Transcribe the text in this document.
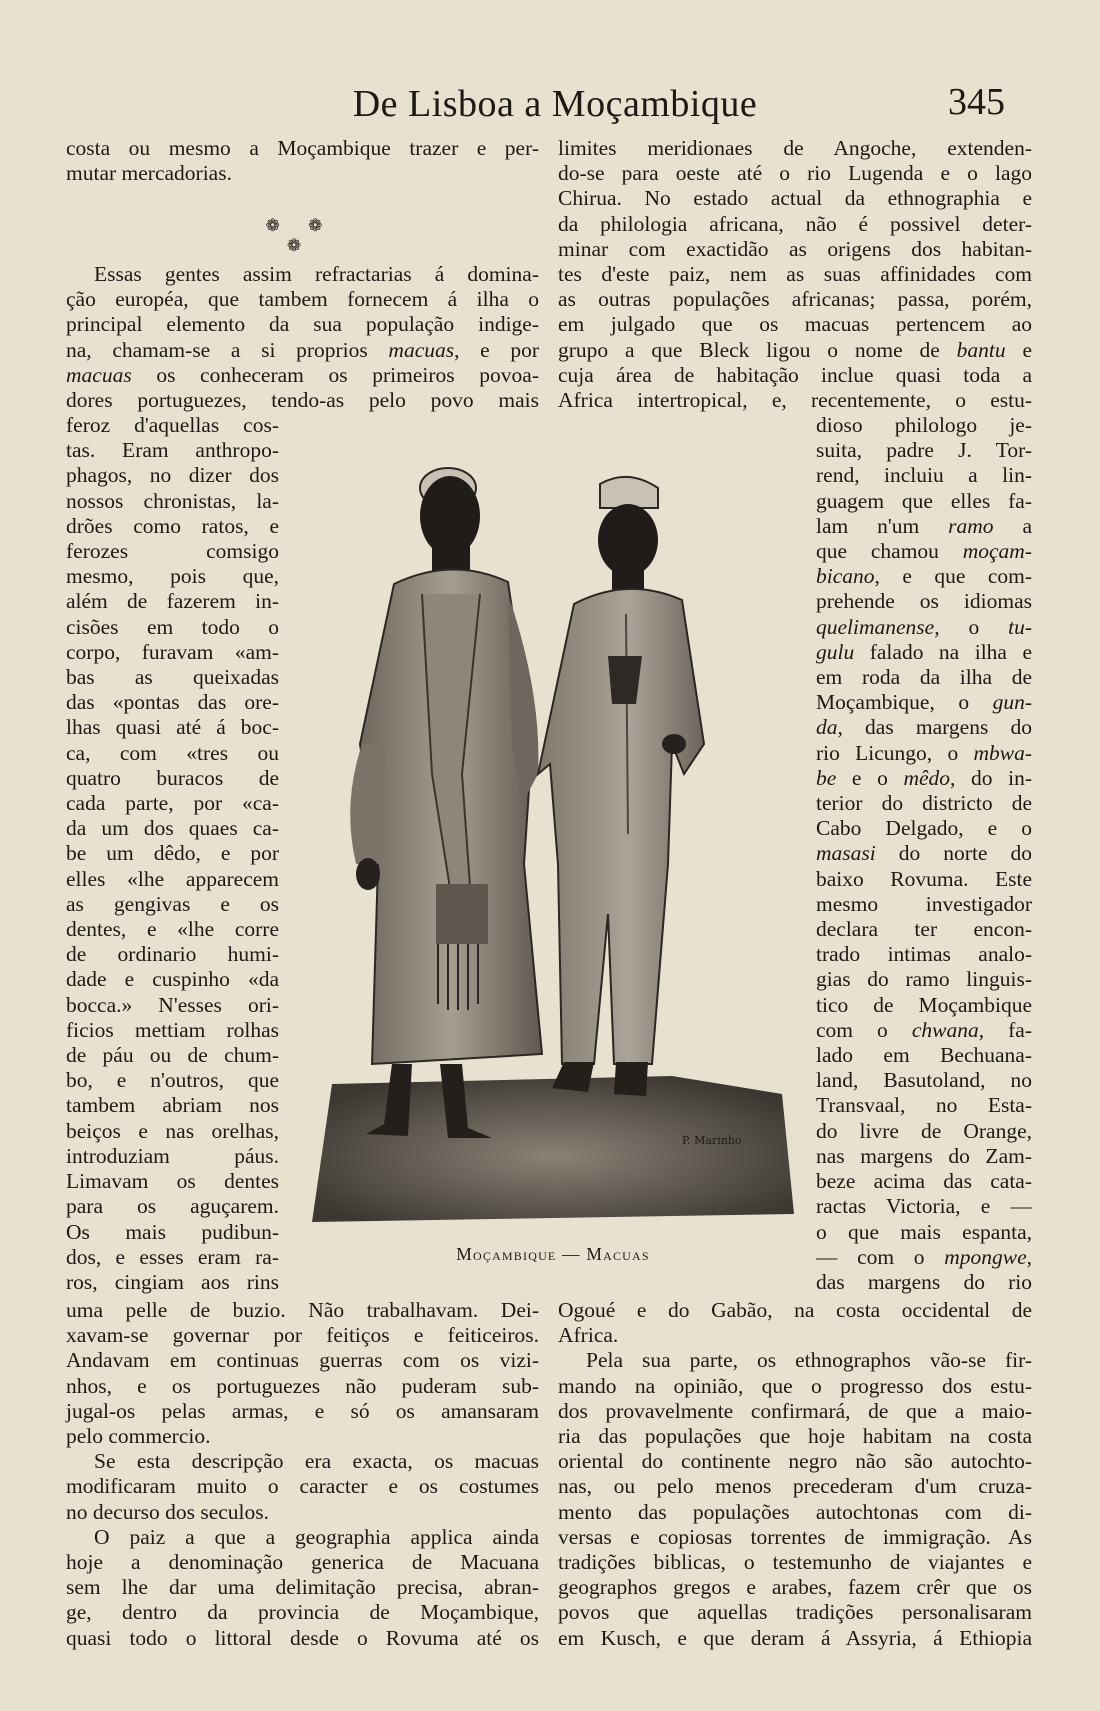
De Lisboa a Moçambique	345

costa ou mesmo a Moçambique trazer e per-

mutar mercadorias.

❁ ❁ ❁

Essas gentes assim refractarias á domina-

ção européa, que tambem fornecem á ilha o

principal elemento da sua população indige-

na, chamam-se a si proprios macuas, e por

macuas os conheceram os primeiros povoa-

dores portuguezes, tendo-as pelo povo mais

feroz d'aquellas cos-

tas. Eram anthropo-

phagos, no dizer dos

nossos chronistas, la-

drões como ratos, e

ferozes comsigo

mesmo, pois que,

além de fazerem in-

cisões em todo o

corpo, furavam «am-

bas as queixadas

das «pontas das ore-

lhas quasi até á boc-

ca, com «tres ou

quatro buracos de

cada parte, por «ca-

da um dos quaes ca-

be um dêdo, e por

elles «lhe apparecem

as gengivas e os

dentes, e «lhe corre

de ordinario humi-

dade e cuspinho «da

bocca.» N'esses ori-

ficios mettiam rolhas

de páu ou de chum-

bo, e n'outros, que

tambem abriam nos

beiços e nas orelhas,

introduziam páus.

Limavam os dentes

para os aguçarem.

Os mais pudibun-

dos, e esses eram ra-

ros, cingiam aos rins

uma pelle de buzio. Não trabalhavam. Dei-

xavam-se governar por feitiços e feiticeiros.

Andavam em continuas guerras com os vizi-

nhos, e os portuguezes não puderam sub-

jugal-os pelas armas, e só os amansaram

pelo commercio.

Se esta descripção era exacta, os macuas

modificaram muito o caracter e os costumes

no decurso dos seculos.

O paiz a que a geographia applica ainda

hoje a denominação generica de Macuana

sem lhe dar uma delimitação precisa, abran-

ge, dentro da provincia de Moçambique,

quasi todo o littoral desde o Rovuma até os

limites meridionaes de Angoche, extenden-

do-se para oeste até o rio Lugenda e o lago

Chirua. No estado actual da ethnographia e

da philologia africana, não é possivel deter-

minar com exactidão as origens dos habitan-

tes d'este paiz, nem as suas affinidades com

as outras populações africanas; passa, porém,

em julgado que os macuas pertencem ao

grupo a que Bleck ligou o nome de bantu e

cuja área de habitação inclue quasi toda a

Africa intertropical, e, recentemente, o estu-

dioso philologo je-

suita, padre J. Tor-

rend, incluiu a lin-

guagem que elles fa-

lam n'um ramo a

que chamou moçam-

bicano, e que com-

prehende os idiomas

quelimanense, o tu-

gulu falado na ilha e

em roda da ilha de

Moçambique, o gun-

da, das margens do

rio Licungo, o mbwa-

be e o mêdo, do in-

terior do districto de

Cabo Delgado, e o

masasi do norte do

baixo Rovuma. Este

mesmo investigador

declara ter encon-

trado intimas analo-

gias do ramo linguis-

tico de Moçambique

com o chwana, fa-

lado em Bechuana-

land, Basutoland, no

Transvaal, no Esta-

do livre de Orange,

nas margens do Zam-

beze acima das cata-

ractas Victoria, e —

o que mais espanta,

— com o mpongwe,

das margens do rio

Ogoué e do Gabão, na costa occidental de

Africa.

Pela sua parte, os ethnographos vão-se fir-

mando na opinião, que o progresso dos estu-

dos provavelmente confirmará, de que a maio-

ria das populações que hoje habitam na costa

oriental do continente negro não são autochto-

nas, ou pelo menos precederam d'um cruza-

mento das populações autochtonas com di-

versas e copiosas torrentes de immigração. As

tradições biblicas, o testemunho de viajantes e

geographos gregos e arabes, fazem crêr que os

povos que aquellas tradições personalisaram

em Kusch, e que deram á Assyria, á Ethiopia

P. Marinho
Moçambique — Macuas
